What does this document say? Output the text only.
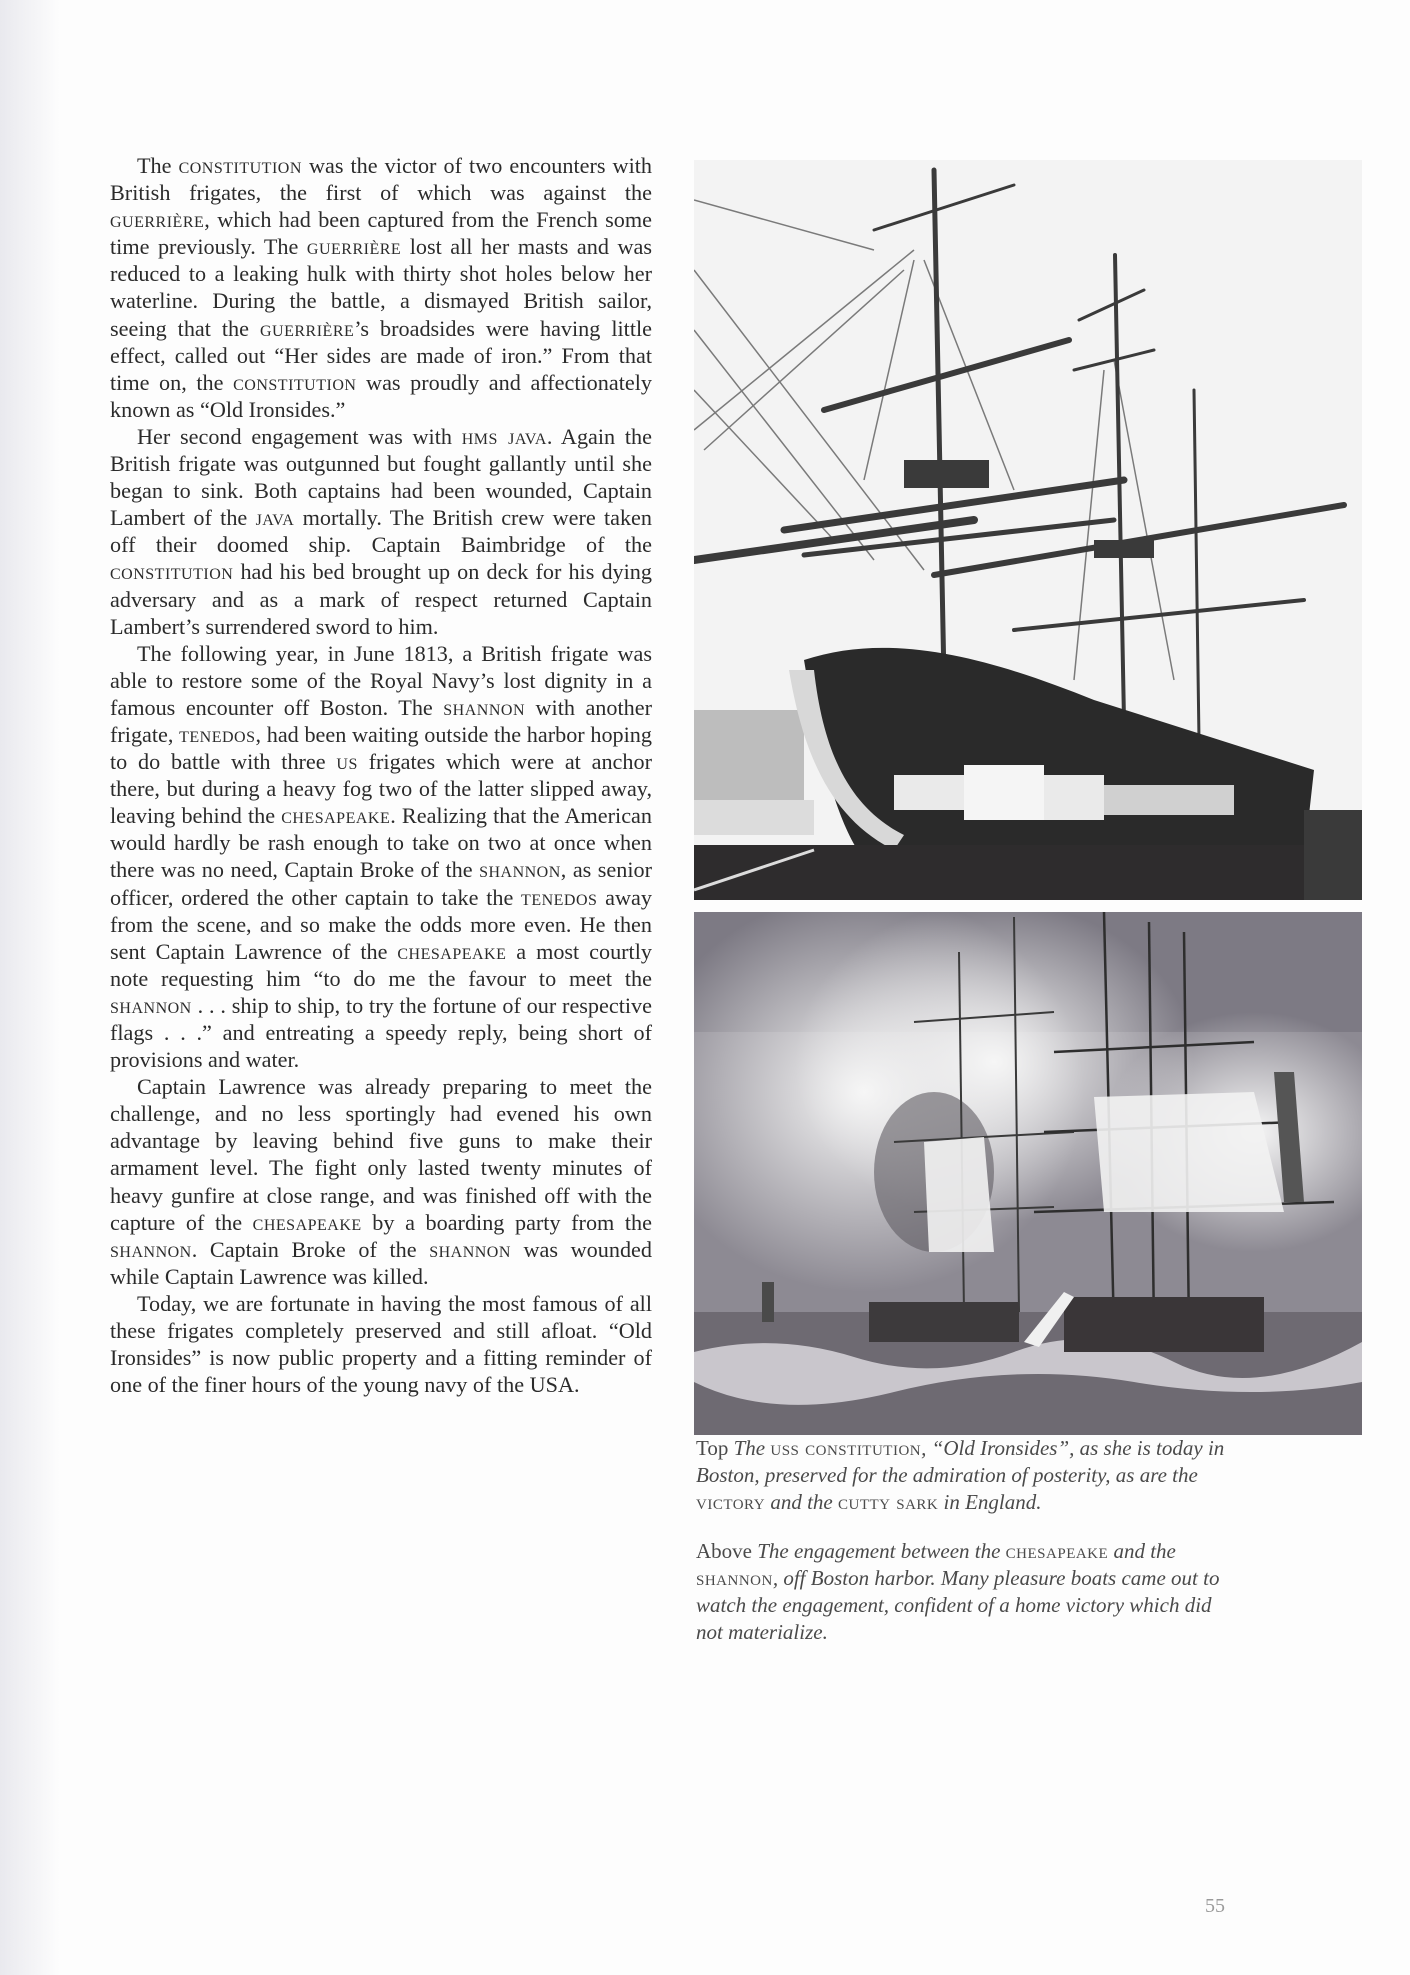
The constitution was the victor of two encounters with British frigates, the first of which was against the guerrière, which had been captured from the French some time previously. The guerrière lost all her masts and was reduced to a leaking hulk with thirty shot holes below her waterline. During the battle, a dismayed British sailor, seeing that the guerrière’s broadsides were having little effect, called out “Her sides are made of iron.” From that time on, the constitution was proudly and affectionately known as “Old Ironsides.”

Her second engagement was with hms java. Again the British frigate was outgunned but fought gallantly until she began to sink. Both captains had been wounded, Captain Lambert of the java mortally. The British crew were taken off their doomed ship. Captain Baimbridge of the constitution had his bed brought up on deck for his dying adversary and as a mark of respect returned Captain Lambert’s surrendered sword to him.

The following year, in June 1813, a British frigate was able to restore some of the Royal Navy’s lost dignity in a famous encounter off Boston. The shannon with another frigate, tenedos, had been waiting outside the harbor hoping to do battle with three us frigates which were at anchor there, but during a heavy fog two of the latter slipped away, leaving behind the chesapeake. Realizing that the American would hardly be rash enough to take on two at once when there was no need, Captain Broke of the shannon, as senior officer, ordered the other captain to take the tenedos away from the scene, and so make the odds more even. He then sent Captain Lawrence of the chesapeake a most courtly note requesting him “to do me the favour to meet the shannon . . . ship to ship, to try the fortune of our respective flags . . .” and entreating a speedy reply, being short of provisions and water.

Captain Lawrence was already preparing to meet the challenge, and no less sportingly had evened his own advantage by leaving behind five guns to make their armament level. The fight only lasted twenty minutes of heavy gunfire at close range, and was finished off with the capture of the chesapeake by a boarding party from the shannon. Captain Broke of the shannon was wounded while Captain Lawrence was killed.

Today, we are fortunate in having the most famous of all these frigates completely preserved and still afloat. “Old Ironsides” is now public property and a fitting reminder of one of the finer hours of the young navy of the USA.

Top The uss constitution, “Old Ironsides”, as she is today in Boston, preserved for the admiration of posterity, as are the victory and the cutty sark in England.

Above The engagement between the chesapeake and the shannon, off Boston harbor. Many pleasure boats came out to watch the engagement, confident of a home victory which did not materialize.

55
